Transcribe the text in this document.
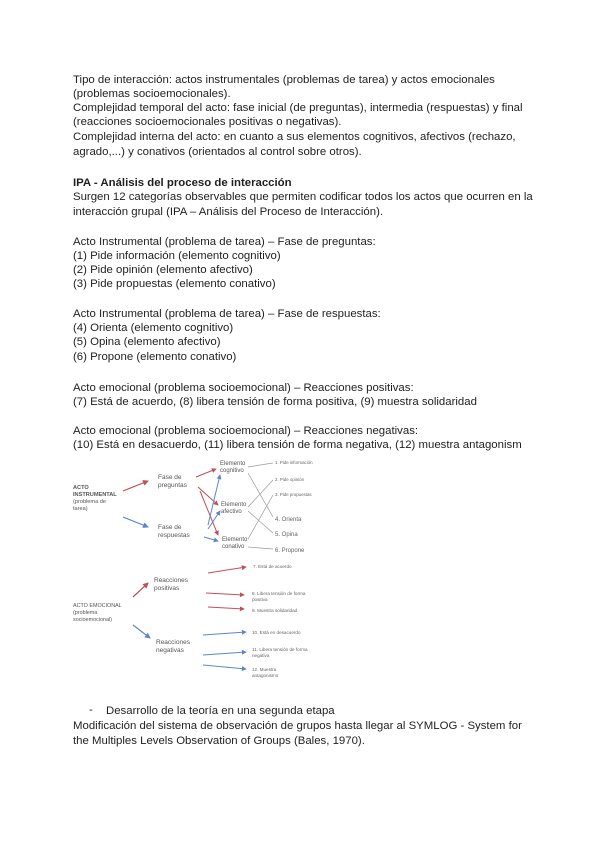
Tipo de interacción: actos instrumentales (problemas de tarea) y actos emocionales
(problemas socioemocionales).
Complejidad temporal del acto: fase inicial (de preguntas), intermedia (respuestas) y final
(reacciones socioemocionales positivas o negativas).
Complejidad interna del acto: en cuanto a sus elementos cognitivos, afectivos (rechazo,
agrado,...) y conativos (orientados al control sobre otros).
IPA - Análisis del proceso de interacción
Surgen 12 categorías observables que permiten codificar todos los actos que ocurren en la
interacción grupal (IPA – Análisis del Proceso de Interacción).
Acto Instrumental (problema de tarea) – Fase de preguntas:
(1) Pide información (elemento cognitivo)
(2) Pide opinión (elemento afectivo)
(3) Pide propuestas (elemento conativo)
Acto Instrumental (problema de tarea) – Fase de respuestas:
(4) Orienta (elemento cognitivo)
(5) Opina (elemento afectivo)
(6) Propone (elemento conativo)
Acto emocional (problema socioemocional) – Reacciones positivas:
(7) Está de acuerdo, (8) libera tensión de forma positiva, (9) muestra solidaridad
Acto emocional (problema socioemocional) – Reacciones negativas:
(10) Está en desacuerdo, (11) libera tensión de forma negativa, (12) muestra antagonism
ACTO INSTRUMENTAL (problema de tarea)
Fase de preguntas
Fase de respuestas
Elemento cognitivo
Elemento afectivo
Elemento conativo
1. Pide información
2. Pide opinión
3. Pide propuestas
4. Orienta
5. Opina
6. Propone
ACTO EMOCIONAL (problema socioemocional)
Reacciones positivas
Reacciones negativas
7. Está de acuerdo
8. Libera tensión de forma positiva
9. Muestra solidaridad
10. Está en desacuerdo
11. Libera tensión de forma negativa
12. Muestra antagonismo
- Desarrollo de la teoría en una segunda etapa
Modificación del sistema de observación de grupos hasta llegar al SYMLOG - System for
the Multiples Levels Observation of Groups (Bales, 1970).
